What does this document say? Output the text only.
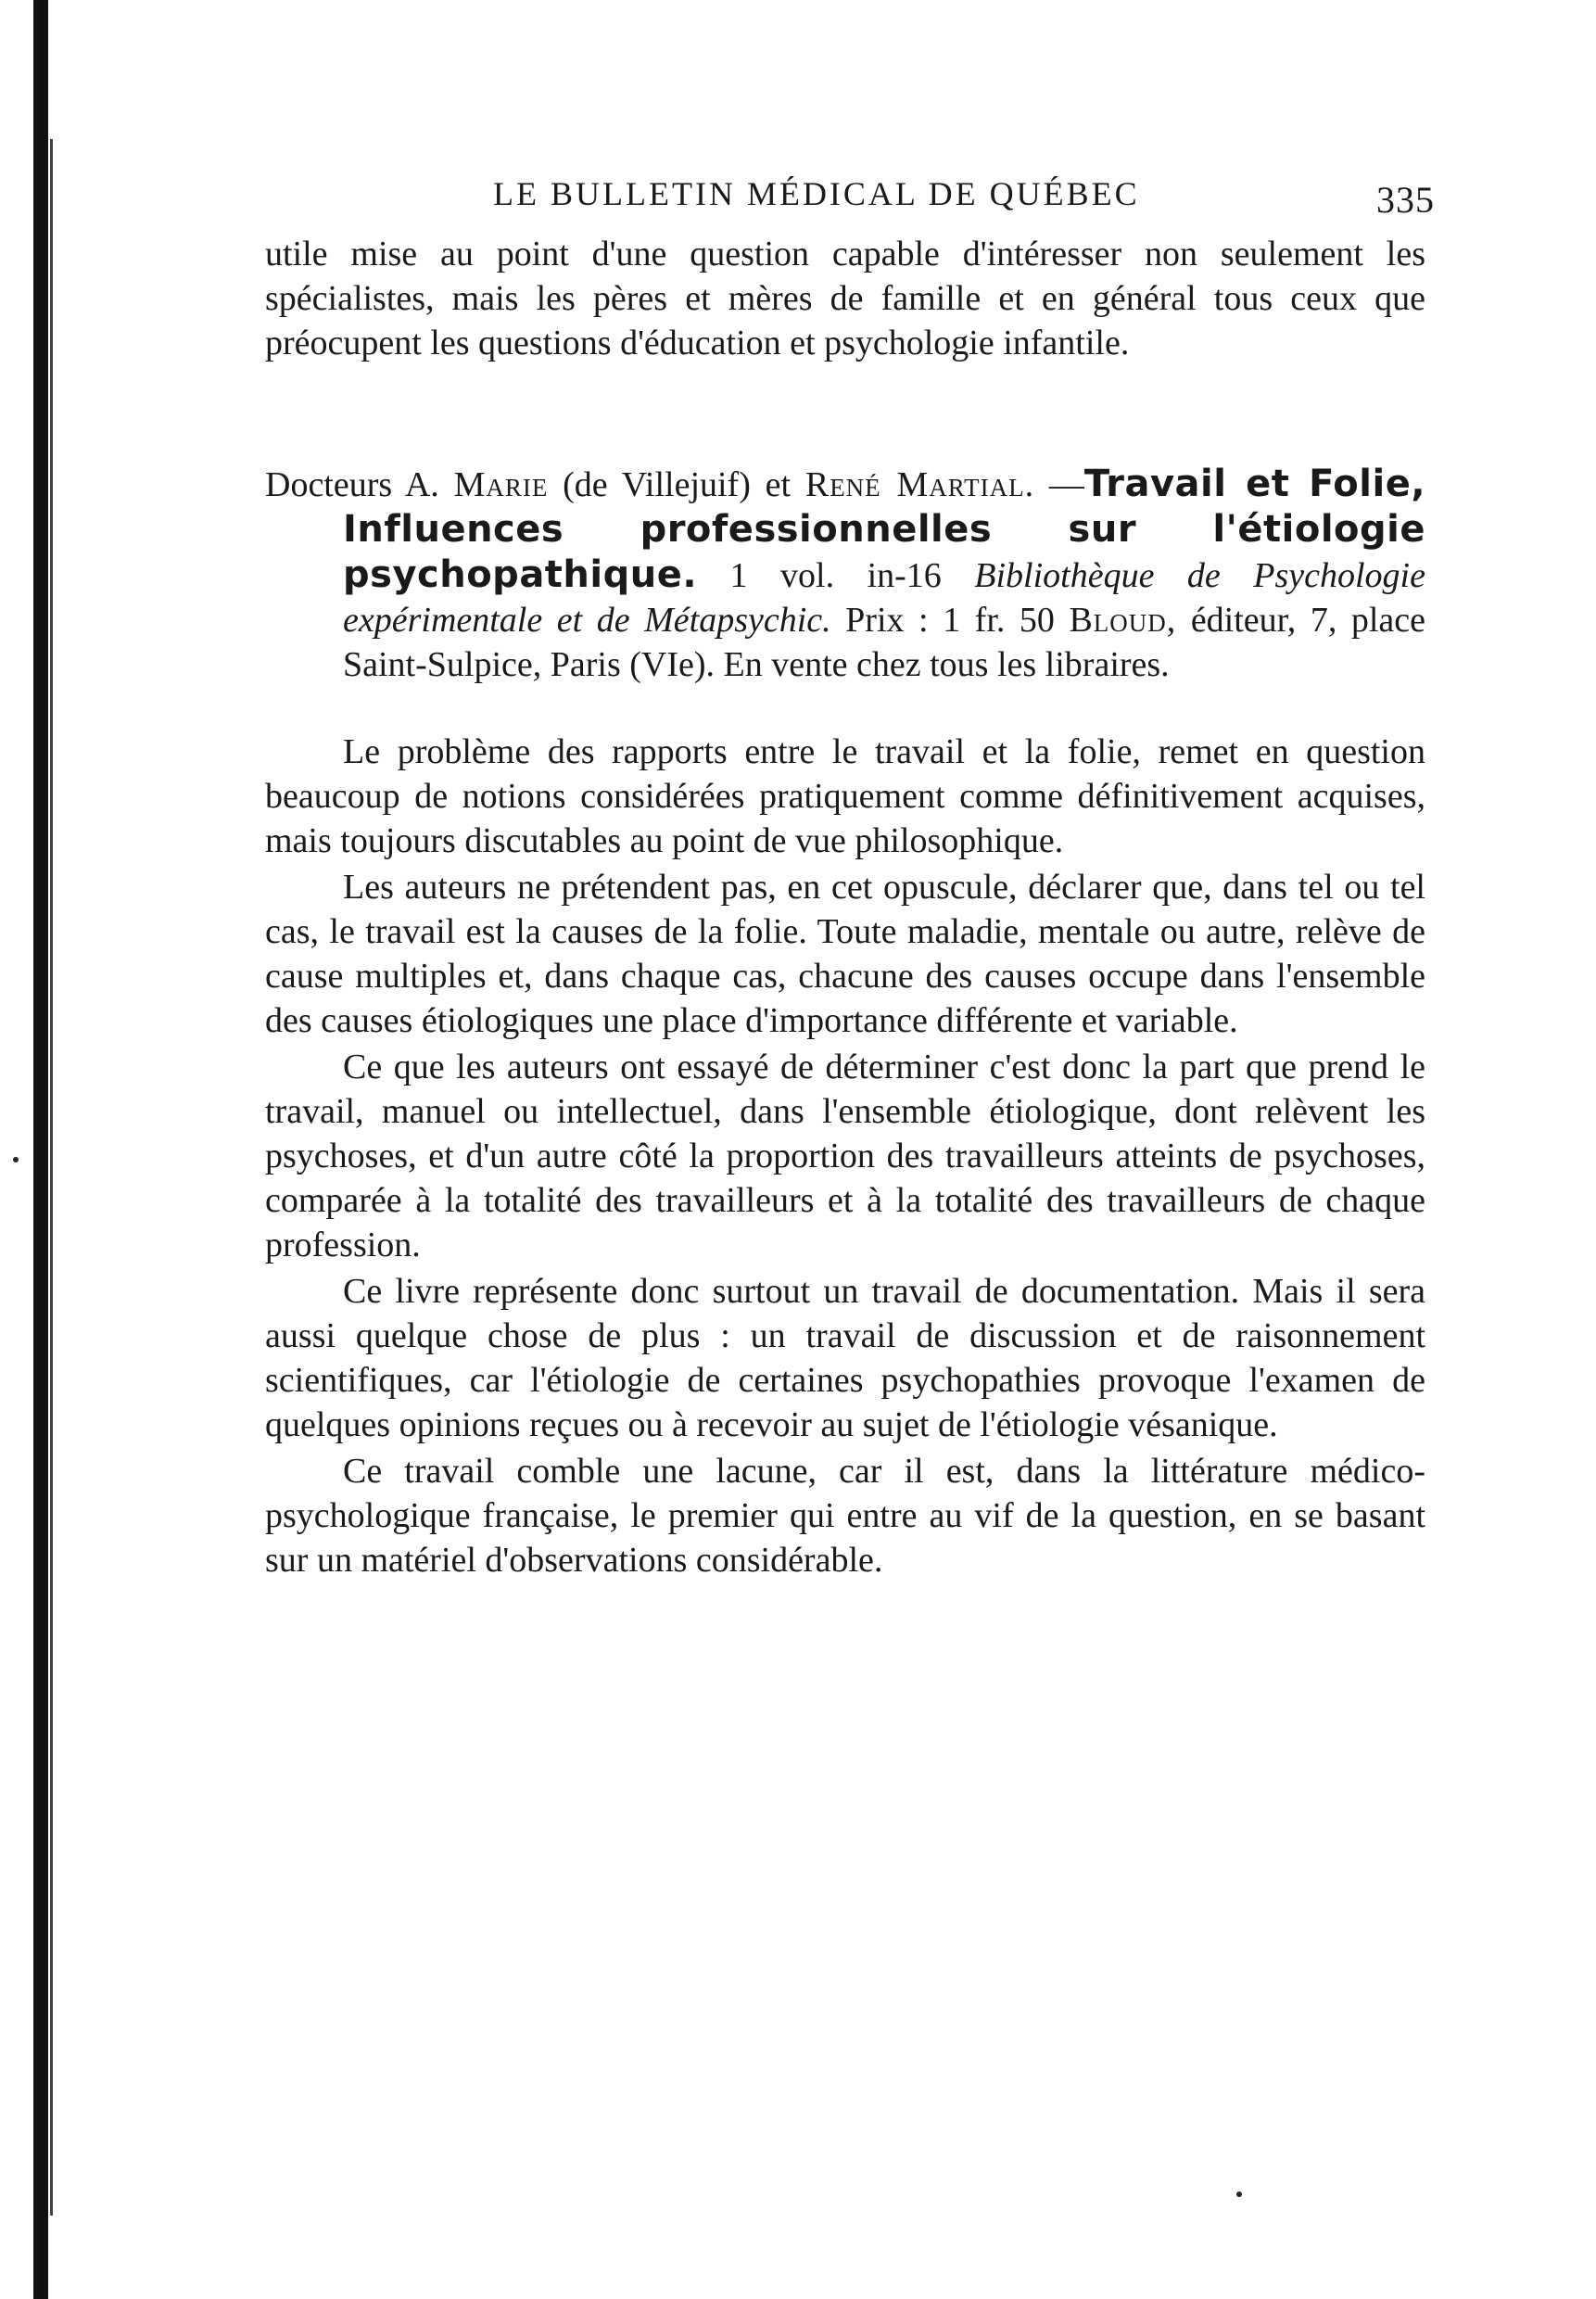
LE BULLETIN MÉDICAL DE QUÉBEC	335

utile mise au point d'une question capable d'intéresser non seulement les spécialistes, mais les pères et mères de famille et en général tous ceux que préocupent les questions d'éducation et psychologie infantile.

Docteurs A. Marie (de Villejuif) et René Martial. —Travail et Folie, Influences professionnelles sur l'étiologie psychopathique. 1 vol. in-16 Bibliothèque de Psychologie expérimentale et de Métapsychic. Prix : 1 fr. 50 Bloud, éditeur, 7, place Saint-Sulpice, Paris (VIe). En vente chez tous les libraires.

Le problème des rapports entre le travail et la folie, remet en question beaucoup de notions considérées pratiquement comme définitivement acquises, mais toujours discutables au point de vue philosophique.

Les auteurs ne prétendent pas, en cet opuscule, déclarer que, dans tel ou tel cas, le travail est la causes de la folie. Toute maladie, mentale ou autre, relève de cause multiples et, dans chaque cas, chacune des causes occupe dans l'ensemble des causes étiologiques une place d'importance différente et variable.

Ce que les auteurs ont essayé de déterminer c'est donc la part que prend le travail, manuel ou intellectuel, dans l'ensemble étiologique, dont relèvent les psychoses, et d'un autre côté la proportion des travailleurs atteints de psychoses, comparée à la totalité des travailleurs et à la totalité des travailleurs de chaque profession.

Ce livre représente donc surtout un travail de documentation. Mais il sera aussi quelque chose de plus : un travail de discussion et de raisonnement scientifiques, car l'étiologie de certaines psychopathies provoque l'examen de quelques opinions reçues ou à recevoir au sujet de l'étiologie vésanique.

Ce travail comble une lacune, car il est, dans la littérature médico-psychologique française, le premier qui entre au vif de la question, en se basant sur un matériel d'observations considérable.
